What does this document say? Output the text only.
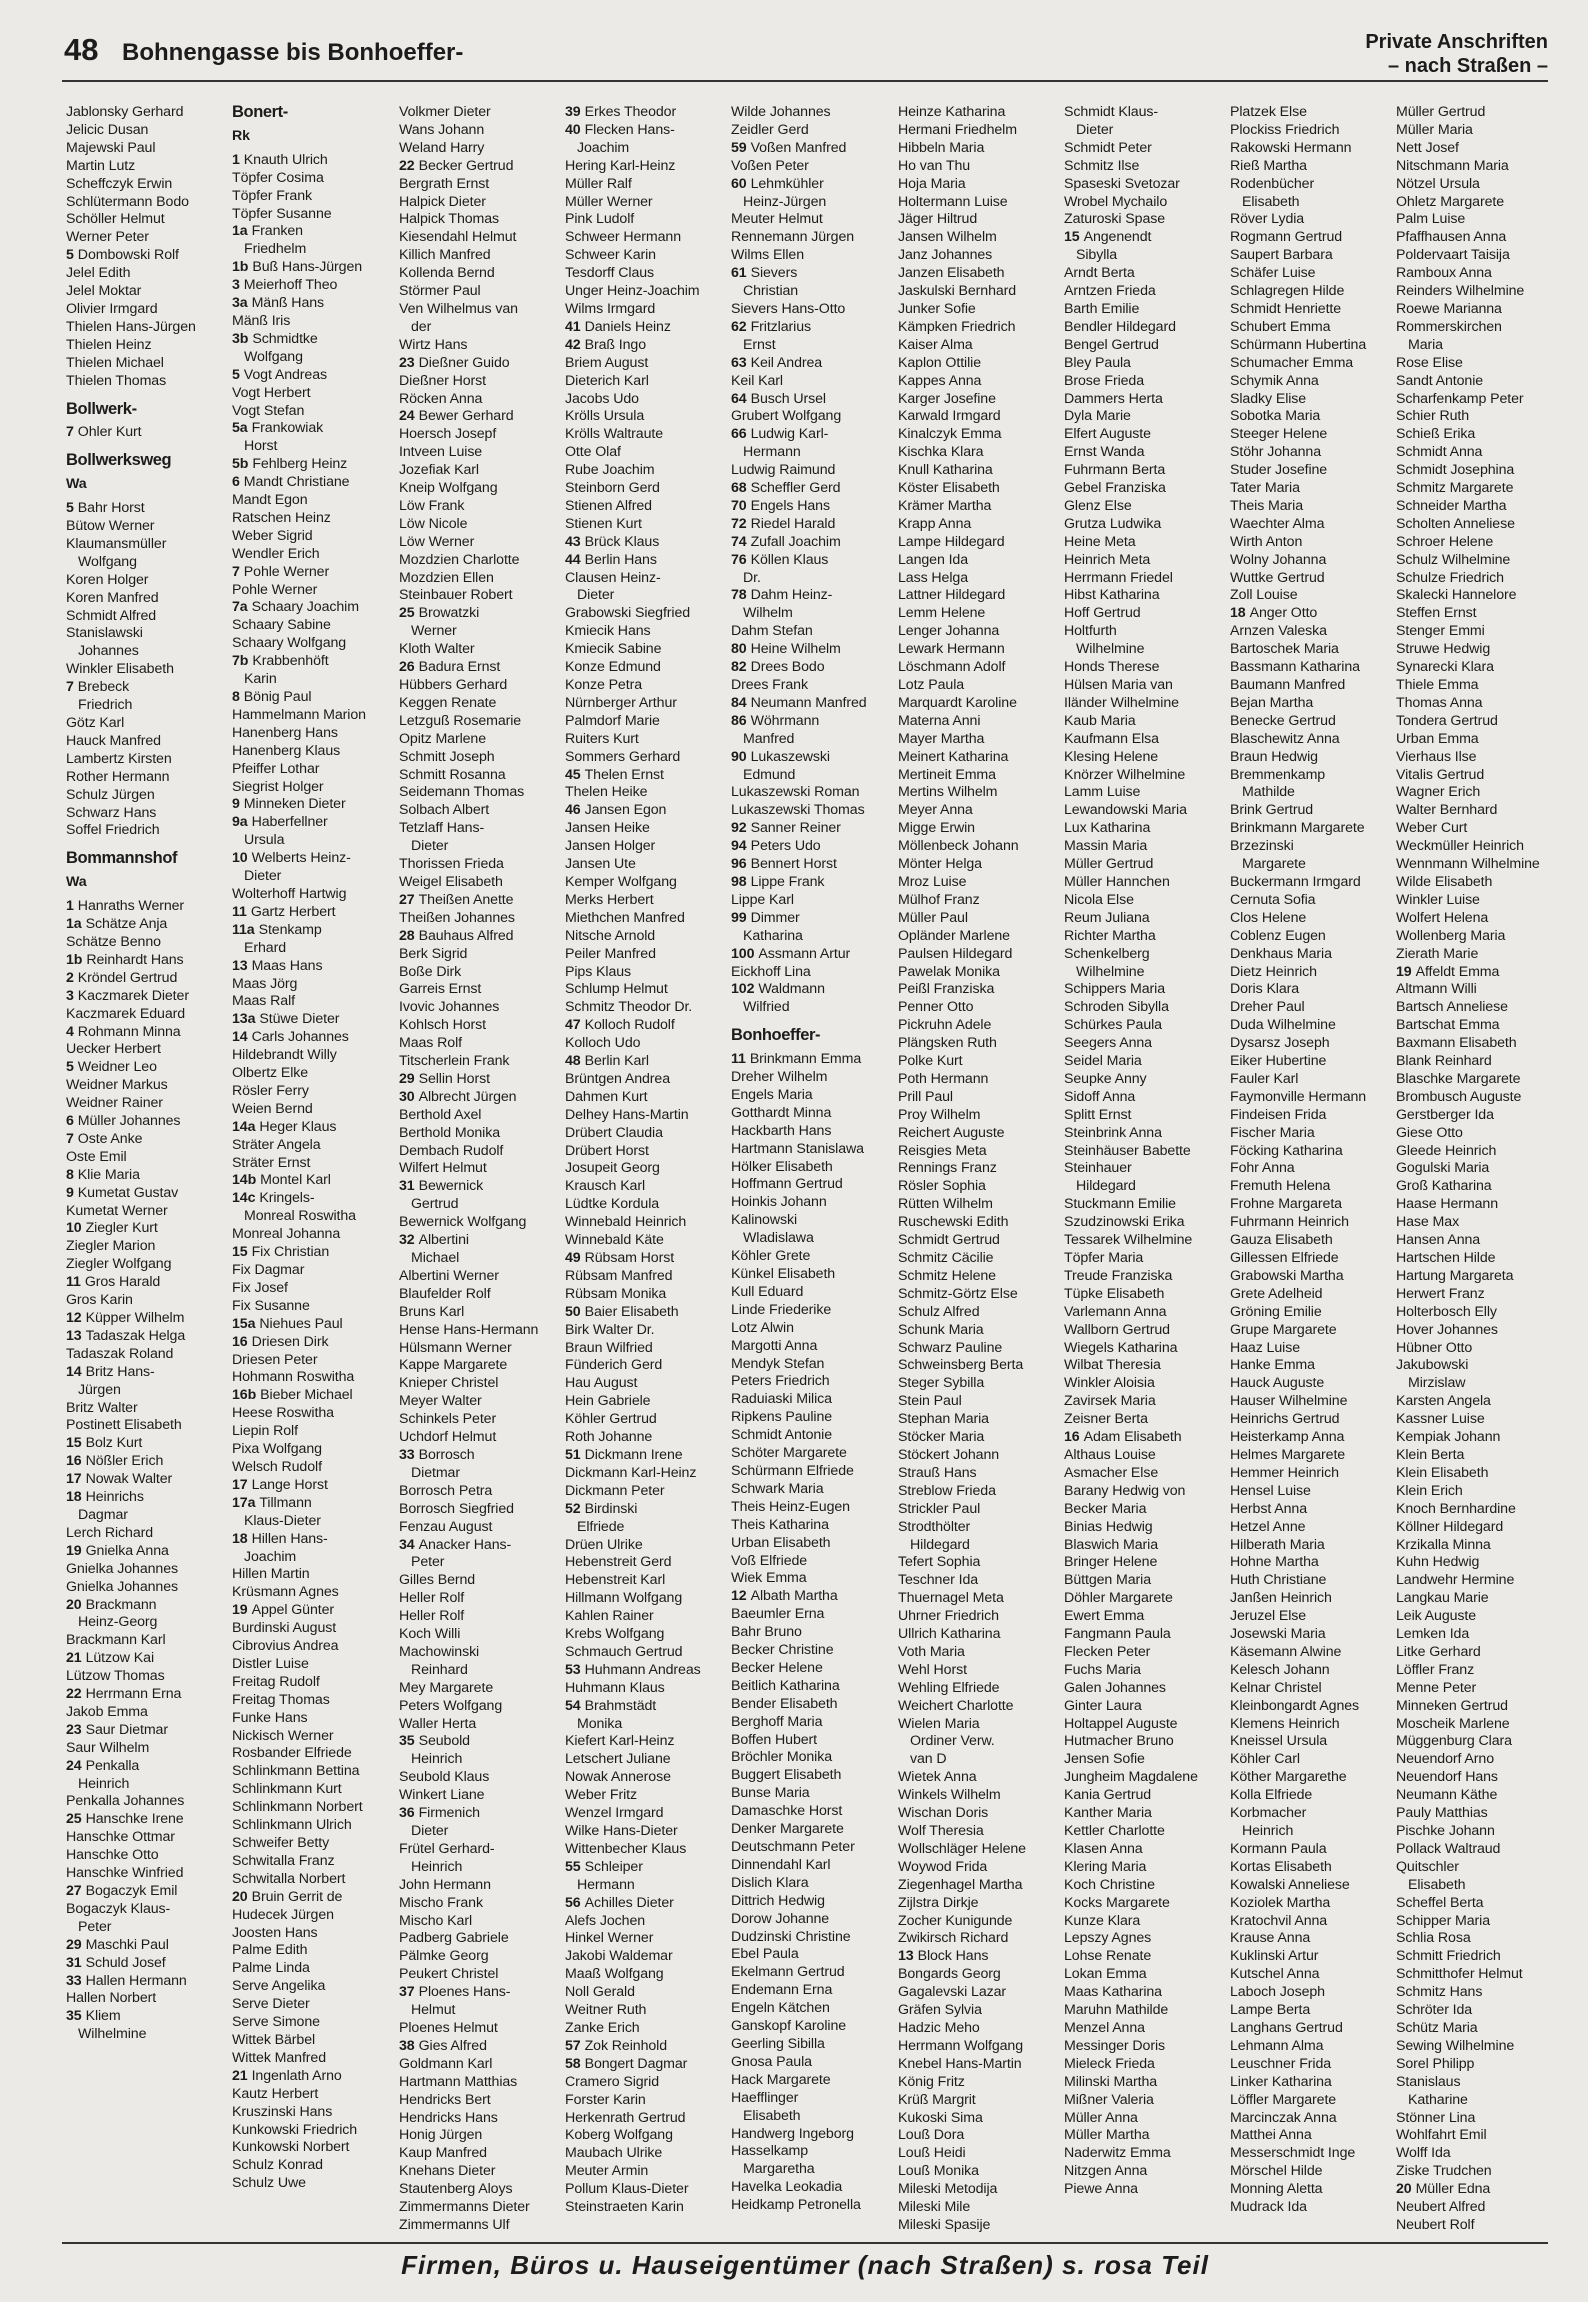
48 Bohnengasse bis Bonhoeffer-	Private Anschriften
– nach Straßen –
Jablonsky Gerhard
Jelicic Dusan
Majewski Paul
Martin Lutz
Scheffczyk Erwin
Schlütermann Bodo
Schöller Helmut
Werner Peter
5 Dombowski Rolf
Jelel Edith
Jelel Moktar
Olivier Irmgard
Thielen Hans-Jürgen
Thielen Heinz
Thielen Michael
Thielen Thomas
Bollwerk-
7 Ohler Kurt
Bollwerksweg
Wa
5 Bahr Horst
Bütow Werner
Klaumansmüller
Wolfgang
Koren Holger
Koren Manfred
Schmidt Alfred
Stanislawski
Johannes
Winkler Elisabeth
7 Brebeck
Friedrich
Götz Karl
Hauck Manfred
Lambertz Kirsten
Rother Hermann
Schulz Jürgen
Schwarz Hans
Soffel Friedrich
Bommannshof
Wa
1 Hanraths Werner
1a Schätze Anja
Schätze Benno
1b Reinhardt Hans
2 Kröndel Gertrud
3 Kaczmarek Dieter
Kaczmarek Eduard
4 Rohmann Minna
Uecker Herbert
5 Weidner Leo
Weidner Markus
Weidner Rainer
6 Müller Johannes
7 Oste Anke
Oste Emil
8 Klie Maria
9 Kumetat Gustav
Kumetat Werner
10 Ziegler Kurt
Ziegler Marion
Ziegler Wolfgang
11 Gros Harald
Gros Karin
12 Küpper Wilhelm
13 Tadaszak Helga
Tadaszak Roland
14 Britz Hans-
Jürgen
Britz Walter
Postinett Elisabeth
15 Bolz Kurt
16 Nößler Erich
17 Nowak Walter
18 Heinrichs
Dagmar
Lerch Richard
19 Gnielka Anna
Gnielka Johannes
Gnielka Johannes
20 Brackmann
Heinz-Georg
Brackmann Karl
21 Lützow Kai
Lützow Thomas
22 Herrmann Erna
Jakob Emma
23 Saur Dietmar
Saur Wilhelm
24 Penkalla
Heinrich
Penkalla Johannes
25 Hanschke Irene
Hanschke Ottmar
Hanschke Otto
Hanschke Winfried
27 Bogaczyk Emil
Bogaczyk Klaus-
Peter
29 Maschki Paul
31 Schuld Josef
33 Hallen Hermann
Hallen Norbert
35 Kliem
Wilhelmine
Bonert-
Rk
1 Knauth Ulrich
Töpfer Cosima
Töpfer Frank
Töpfer Susanne
1a Franken
Friedhelm
1b Buß Hans-Jürgen
3 Meierhoff Theo
3a Mänß Hans
Mänß Iris
3b Schmidtke
Wolfgang
5 Vogt Andreas
Vogt Herbert
Vogt Stefan
5a Frankowiak
Horst
5b Fehlberg Heinz
6 Mandt Christiane
Mandt Egon
Ratschen Heinz
Weber Sigrid
Wendler Erich
7 Pohle Werner
Pohle Werner
7a Schaary Joachim
Schaary Sabine
Schaary Wolfgang
7b Krabbenhöft
Karin
8 Bönig Paul
Hammelmann Marion
Hanenberg Hans
Hanenberg Klaus
Pfeiffer Lothar
Siegrist Holger
9 Minneken Dieter
9a Haberfellner
Ursula
10 Welberts Heinz-
Dieter
Wolterhoff Hartwig
11 Gartz Herbert
11a Stenkamp
Erhard
13 Maas Hans
Maas Jörg
Maas Ralf
13a Stüwe Dieter
14 Carls Johannes
Hildebrandt Willy
Olbertz Elke
Rösler Ferry
Weien Bernd
14a Heger Klaus
Sträter Angela
Sträter Ernst
14b Montel Karl
14c Kringels-
Monreal Roswitha
Monreal Johanna
15 Fix Christian
Fix Dagmar
Fix Josef
Fix Susanne
15a Niehues Paul
16 Driesen Dirk
Driesen Peter
Hohmann Roswitha
16b Bieber Michael
Heese Roswitha
Liepin Rolf
Pixa Wolfgang
Welsch Rudolf
17 Lange Horst
17a Tillmann
Klaus-Dieter
18 Hillen Hans-
Joachim
Hillen Martin
Krüsmann Agnes
19 Appel Günter
Burdinski August
Cibrovius Andrea
Distler Luise
Freitag Rudolf
Freitag Thomas
Funke Hans
Nickisch Werner
Rosbander Elfriede
Schlinkmann Bettina
Schlinkmann Kurt
Schlinkmann Norbert
Schlinkmann Ulrich
Schweifer Betty
Schwitalla Franz
Schwitalla Norbert
20 Bruin Gerrit de
Hudecek Jürgen
Joosten Hans
Palme Edith
Palme Linda
Serve Angelika
Serve Dieter
Serve Simone
Wittek Bärbel
Wittek Manfred
21 Ingenlath Arno
Kautz Herbert
Kruszinski Hans
Kunkowski Friedrich
Kunkowski Norbert
Schulz Konrad
Schulz Uwe
Volkmer Dieter
Wans Johann
Weland Harry
22 Becker Gertrud
Bergrath Ernst
Halpick Dieter
Halpick Thomas
Kiesendahl Helmut
Killich Manfred
Kollenda Bernd
Störmer Paul
Ven Wilhelmus van
der
Wirtz Hans
23 Dießner Guido
Dießner Horst
Röcken Anna
24 Bewer Gerhard
Hoersch Josepf
Intveen Luise
Jozefiak Karl
Kneip Wolfgang
Löw Frank
Löw Nicole
Löw Werner
Mozdzien Charlotte
Mozdzien Ellen
Steinbauer Robert
25 Browatzki
Werner
Kloth Walter
26 Badura Ernst
Hübbers Gerhard
Keggen Renate
Letzguß Rosemarie
Opitz Marlene
Schmitt Joseph
Schmitt Rosanna
Seidemann Thomas
Solbach Albert
Tetzlaff Hans-
Dieter
Thorissen Frieda
Weigel Elisabeth
27 Theißen Anette
Theißen Johannes
28 Bauhaus Alfred
Berk Sigrid
Boße Dirk
Garreis Ernst
Ivovic Johannes
Kohlsch Horst
Maas Rolf
Titscherlein Frank
29 Sellin Horst
30 Albrecht Jürgen
Berthold Axel
Berthold Monika
Dembach Rudolf
Wilfert Helmut
31 Bewernick
Gertrud
Bewernick Wolfgang
32 Albertini
Michael
Albertini Werner
Blaufelder Rolf
Bruns Karl
Hense Hans-Hermann
Hülsmann Werner
Kappe Margarete
Knieper Christel
Meyer Walter
Schinkels Peter
Uchdorf Helmut
33 Borrosch
Dietmar
Borrosch Petra
Borrosch Siegfried
Fenzau August
34 Anacker Hans-
Peter
Gilles Bernd
Heller Rolf
Heller Rolf
Koch Willi
Machowinski
Reinhard
Mey Margarete
Peters Wolfgang
Waller Herta
35 Seubold
Heinrich
Seubold Klaus
Winkert Liane
36 Firmenich
Dieter
Frütel Gerhard-
Heinrich
John Hermann
Mischo Frank
Mischo Karl
Padberg Gabriele
Pälmke Georg
Peukert Christel
37 Ploenes Hans-
Helmut
Ploenes Helmut
38 Gies Alfred
Goldmann Karl
Hartmann Matthias
Hendricks Bert
Hendricks Hans
Honig Jürgen
Kaup Manfred
Knehans Dieter
Stautenberg Aloys
Zimmermanns Dieter
Zimmermanns Ulf
39 Erkes Theodor
40 Flecken Hans-
Joachim
Hering Karl-Heinz
Müller Ralf
Müller Werner
Pink Ludolf
Schweer Hermann
Schweer Karin
Tesdorff Claus
Unger Heinz-Joachim
Wilms Irmgard
41 Daniels Heinz
42 Braß Ingo
Briem August
Dieterich Karl
Jacobs Udo
Krölls Ursula
Krölls Waltraute
Otte Olaf
Rube Joachim
Steinborn Gerd
Stienen Alfred
Stienen Kurt
43 Brück Klaus
44 Berlin Hans
Clausen Heinz-
Dieter
Grabowski Siegfried
Kmiecik Hans
Kmiecik Sabine
Konze Edmund
Konze Petra
Nürnberger Arthur
Palmdorf Marie
Ruiters Kurt
Sommers Gerhard
45 Thelen Ernst
Thelen Heike
46 Jansen Egon
Jansen Heike
Jansen Holger
Jansen Ute
Kemper Wolfgang
Merks Herbert
Miethchen Manfred
Nitsche Arnold
Peiler Manfred
Pips Klaus
Schlump Helmut
Schmitz Theodor Dr.
47 Kolloch Rudolf
Kolloch Udo
48 Berlin Karl
Brüntgen Andrea
Dahmen Kurt
Delhey Hans-Martin
Drübert Claudia
Drübert Horst
Josupeit Georg
Krausch Karl
Lüdtke Kordula
Winnebald Heinrich
Winnebald Käte
49 Rübsam Horst
Rübsam Manfred
Rübsam Monika
50 Baier Elisabeth
Birk Walter Dr.
Braun Wilfried
Fünderich Gerd
Hau August
Hein Gabriele
Köhler Gertrud
Roth Johanne
51 Dickmann Irene
Dickmann Karl-Heinz
Dickmann Peter
52 Birdinski
Elfriede
Drüen Ulrike
Hebenstreit Gerd
Hebenstreit Karl
Hillmann Wolfgang
Kahlen Rainer
Krebs Wolfgang
Schmauch Gertrud
53 Huhmann Andreas
Huhmann Klaus
54 Brahmstädt
Monika
Kiefert Karl-Heinz
Letschert Juliane
Nowak Annerose
Weber Fritz
Wenzel Irmgard
Wilke Hans-Dieter
Wittenbecher Klaus
55 Schleiper
Hermann
56 Achilles Dieter
Alefs Jochen
Hinkel Werner
Jakobi Waldemar
Maaß Wolfgang
Noll Gerald
Weitner Ruth
Zanke Erich
57 Zok Reinhold
58 Bongert Dagmar
Cramero Sigrid
Forster Karin
Herkenrath Gertrud
Koberg Wolfgang
Maubach Ulrike
Meuter Armin
Pollum Klaus-Dieter
Steinstraeten Karin
Wilde Johannes
Zeidler Gerd
59 Voßen Manfred
Voßen Peter
60 Lehmkühler
Heinz-Jürgen
Meuter Helmut
Rennemann Jürgen
Wilms Ellen
61 Sievers
Christian
Sievers Hans-Otto
62 Fritzlarius
Ernst
63 Keil Andrea
Keil Karl
64 Busch Ursel
Grubert Wolfgang
66 Ludwig Karl-
Hermann
Ludwig Raimund
68 Scheffler Gerd
70 Engels Hans
72 Riedel Harald
74 Zufall Joachim
76 Köllen Klaus
Dr.
78 Dahm Heinz-
Wilhelm
Dahm Stefan
80 Heine Wilhelm
82 Drees Bodo
Drees Frank
84 Neumann Manfred
86 Wöhrmann
Manfred
90 Lukaszewski
Edmund
Lukaszewski Roman
Lukaszewski Thomas
92 Sanner Reiner
94 Peters Udo
96 Bennert Horst
98 Lippe Frank
Lippe Karl
99 Dimmer
Katharina
100 Assmann Artur
Eickhoff Lina
102 Waldmann
Wilfried
Bonhoeffer-
11 Brinkmann Emma
Dreher Wilhelm
Engels Maria
Gotthardt Minna
Hackbarth Hans
Hartmann Stanislawa
Hölker Elisabeth
Hoffmann Gertrud
Hoinkis Johann
Kalinowski
Wladislawa
Köhler Grete
Künkel Elisabeth
Kull Eduard
Linde Friederike
Lotz Alwin
Margotti Anna
Mendyk Stefan
Peters Friedrich
Raduiaski Milica
Ripkens Pauline
Schmidt Antonie
Schöter Margarete
Schürmann Elfriede
Schwark Maria
Theis Heinz-Eugen
Theis Katharina
Urban Elisabeth
Voß Elfriede
Wiek Emma
12 Albath Martha
Baeumler Erna
Bahr Bruno
Becker Christine
Becker Helene
Beitlich Katharina
Bender Elisabeth
Berghoff Maria
Boffen Hubert
Bröchler Monika
Buggert Elisabeth
Bunse Maria
Damaschke Horst
Denker Margarete
Deutschmann Peter
Dinnendahl Karl
Dislich Klara
Dittrich Hedwig
Dorow Johanne
Dudzinski Christine
Ebel Paula
Ekelmann Gertrud
Endemann Erna
Engeln Kätchen
Ganskopf Karoline
Geerling Sibilla
Gnosa Paula
Hack Margarete
Haefflinger
Elisabeth
Handwerg Ingeborg
Hasselkamp
Margaretha
Havelka Leokadia
Heidkamp Petronella
Heinze Katharina
Hermani Friedhelm
Hibbeln Maria
Ho van Thu
Hoja Maria
Holtermann Luise
Jäger Hiltrud
Jansen Wilhelm
Janz Johannes
Janzen Elisabeth
Jaskulski Bernhard
Junker Sofie
Kämpken Friedrich
Kaiser Alma
Kaplon Ottilie
Kappes Anna
Karger Josefine
Karwald Irmgard
Kinalczyk Emma
Kischka Klara
Knull Katharina
Köster Elisabeth
Krämer Martha
Krapp Anna
Lampe Hildegard
Langen Ida
Lass Helga
Lattner Hildegard
Lemm Helene
Lenger Johanna
Lewark Hermann
Löschmann Adolf
Lotz Paula
Marquardt Karoline
Materna Anni
Mayer Martha
Meinert Katharina
Mertineit Emma
Mertins Wilhelm
Meyer Anna
Migge Erwin
Möllenbeck Johann
Mönter Helga
Mroz Luise
Mülhof Franz
Müller Paul
Opländer Marlene
Paulsen Hildegard
Pawelak Monika
Peißl Franziska
Penner Otto
Pickruhn Adele
Plängsken Ruth
Polke Kurt
Poth Hermann
Prill Paul
Proy Wilhelm
Reichert Auguste
Reisgies Meta
Rennings Franz
Rösler Sophia
Rütten Wilhelm
Ruschewski Edith
Schmidt Gertrud
Schmitz Cäcilie
Schmitz Helene
Schmitz-Görtz Else
Schulz Alfred
Schunk Maria
Schwarz Pauline
Schweinsberg Berta
Steger Sybilla
Stein Paul
Stephan Maria
Stöcker Maria
Stöckert Johann
Strauß Hans
Streblow Frieda
Strickler Paul
Strodthölter
Hildegard
Tefert Sophia
Teschner Ida
Thuernagel Meta
Uhrner Friedrich
Ullrich Katharina
Voth Maria
Wehl Horst
Wehling Elfriede
Weichert Charlotte
Wielen Maria
Ordiner Verw.
van D
Wietek Anna
Winkels Wilhelm
Wischan Doris
Wolf Theresia
Wollschläger Helene
Woywod Frida
Ziegenhagel Martha
Zijlstra Dirkje
Zocher Kunigunde
Zwikirsch Richard
13 Block Hans
Bongards Georg
Gagalevski Lazar
Gräfen Sylvia
Hadzic Meho
Herrmann Wolfgang
Knebel Hans-Martin
König Fritz
Krüß Margrit
Kukoski Sima
Louß Dora
Louß Heidi
Louß Monika
Mileski Metodija
Mileski Mile
Mileski Spasije
Schmidt Klaus-
Dieter
Schmidt Peter
Schmitz Ilse
Spaseski Svetozar
Wrobel Mychailo
Zaturoski Spase
15 Angenendt
Sibylla
Arndt Berta
Arntzen Frieda
Barth Emilie
Bendler Hildegard
Bengel Gertrud
Bley Paula
Brose Frieda
Dammers Herta
Dyla Marie
Elfert Auguste
Ernst Wanda
Fuhrmann Berta
Gebel Franziska
Glenz Else
Grutza Ludwika
Heine Meta
Heinrich Meta
Herrmann Friedel
Hibst Katharina
Hoff Gertrud
Holtfurth
Wilhelmine
Honds Therese
Hülsen Maria van
Iländer Wilhelmine
Kaub Maria
Kaufmann Elsa
Klesing Helene
Knörzer Wilhelmine
Lamm Luise
Lewandowski Maria
Lux Katharina
Massin Maria
Müller Gertrud
Müller Hannchen
Nicola Else
Reum Juliana
Richter Martha
Schenkelberg
Wilhelmine
Schippers Maria
Schroden Sibylla
Schürkes Paula
Seegers Anna
Seidel Maria
Seupke Anny
Sidoff Anna
Splitt Ernst
Steinbrink Anna
Steinhäuser Babette
Steinhauer
Hildegard
Stuckmann Emilie
Szudzinowski Erika
Tessarek Wilhelmine
Töpfer Maria
Treude Franziska
Tüpke Elisabeth
Varlemann Anna
Wallborn Gertrud
Wiegels Katharina
Wilbat Theresia
Winkler Aloisia
Zavirsek Maria
Zeisner Berta
16 Adam Elisabeth
Althaus Louise
Asmacher Else
Barany Hedwig von
Becker Maria
Binias Hedwig
Blaswich Maria
Bringer Helene
Büttgen Maria
Döhler Margarete
Ewert Emma
Fangmann Paula
Flecken Peter
Fuchs Maria
Galen Johannes
Ginter Laura
Holtappel Auguste
Hutmacher Bruno
Jensen Sofie
Jungheim Magdalene
Kania Gertrud
Kanther Maria
Kettler Charlotte
Klasen Anna
Klering Maria
Koch Christine
Kocks Margarete
Kunze Klara
Lepszy Agnes
Lohse Renate
Lokan Emma
Maas Katharina
Maruhn Mathilde
Menzel Anna
Messinger Doris
Mieleck Frieda
Milinski Martha
Mißner Valeria
Müller Anna
Müller Martha
Naderwitz Emma
Nitzgen Anna
Piewe Anna
Platzek Else
Plockiss Friedrich
Rakowski Hermann
Rieß Martha
Rodenbücher
Elisabeth
Röver Lydia
Rogmann Gertrud
Saupert Barbara
Schäfer Luise
Schlagregen Hilde
Schmidt Henriette
Schubert Emma
Schürmann Hubertina
Schumacher Emma
Schymik Anna
Sladky Elise
Sobotka Maria
Steeger Helene
Stöhr Johanna
Studer Josefine
Tater Maria
Theis Maria
Waechter Alma
Wirth Anton
Wolny Johanna
Wuttke Gertrud
Zoll Louise
18 Anger Otto
Arnzen Valeska
Bartoschek Maria
Bassmann Katharina
Baumann Manfred
Bejan Martha
Benecke Gertrud
Blaschewitz Anna
Braun Hedwig
Bremmenkamp
Mathilde
Brink Gertrud
Brinkmann Margarete
Brzezinski
Margarete
Buckermann Irmgard
Cernuta Sofia
Clos Helene
Coblenz Eugen
Denkhaus Maria
Dietz Heinrich
Doris Klara
Dreher Paul
Duda Wilhelmine
Dysarsz Joseph
Eiker Hubertine
Fauler Karl
Faymonville Hermann
Findeisen Frida
Fischer Maria
Föcking Katharina
Fohr Anna
Fremuth Helena
Frohne Margareta
Fuhrmann Heinrich
Gauza Elisabeth
Gillessen Elfriede
Grabowski Martha
Grete Adelheid
Gröning Emilie
Grupe Margarete
Haaz Luise
Hanke Emma
Hauck Auguste
Hauser Wilhelmine
Heinrichs Gertrud
Heisterkamp Anna
Helmes Margarete
Hemmer Heinrich
Hensel Luise
Herbst Anna
Hetzel Anne
Hilberath Maria
Hohne Martha
Huth Christiane
Janßen Heinrich
Jeruzel Else
Josewski Maria
Käsemann Alwine
Kelesch Johann
Kelnar Christel
Kleinbongardt Agnes
Klemens Heinrich
Kneissel Ursula
Köhler Carl
Köther Margarethe
Kolla Elfriede
Korbmacher
Heinrich
Kormann Paula
Kortas Elisabeth
Kowalski Anneliese
Koziolek Martha
Kratochvil Anna
Krause Anna
Kuklinski Artur
Kutschel Anna
Laboch Joseph
Lampe Berta
Langhans Gertrud
Lehmann Alma
Leuschner Frida
Linker Katharina
Löffler Margarete
Marcinczak Anna
Matthei Anna
Messerschmidt Inge
Mörschel Hilde
Monning Aletta
Mudrack Ida
Müller Gertrud
Müller Maria
Nett Josef
Nitschmann Maria
Nötzel Ursula
Ohletz Margarete
Palm Luise
Pfaffhausen Anna
Poldervaart Taisija
Ramboux Anna
Reinders Wilhelmine
Roewe Marianna
Rommerskirchen
Maria
Rose Elise
Sandt Antonie
Scharfenkamp Peter
Schier Ruth
Schieß Erika
Schmidt Anna
Schmidt Josephina
Schmitz Margarete
Schneider Martha
Scholten Anneliese
Schroer Helene
Schulz Wilhelmine
Schulze Friedrich
Skalecki Hannelore
Steffen Ernst
Stenger Emmi
Struwe Hedwig
Synarecki Klara
Thiele Emma
Thomas Anna
Tondera Gertrud
Urban Emma
Vierhaus Ilse
Vitalis Gertrud
Wagner Erich
Walter Bernhard
Weber Curt
Weckmüller Heinrich
Wennmann Wilhelmine
Wilde Elisabeth
Winkler Luise
Wolfert Helena
Wollenberg Maria
Zierath Marie
19 Affeldt Emma
Altmann Willi
Bartsch Anneliese
Bartschat Emma
Baxmann Elisabeth
Blank Reinhard
Blaschke Margarete
Brombusch Auguste
Gerstberger Ida
Giese Otto
Gleede Heinrich
Gogulski Maria
Groß Katharina
Haase Hermann
Hase Max
Hansen Anna
Hartschen Hilde
Hartung Margareta
Herwert Franz
Holterbosch Elly
Hover Johannes
Hübner Otto
Jakubowski
Mirzislaw
Karsten Angela
Kassner Luise
Kempiak Johann
Klein Berta
Klein Elisabeth
Klein Erich
Knoch Bernhardine
Köllner Hildegard
Krzikalla Minna
Kuhn Hedwig
Landwehr Hermine
Langkau Marie
Leik Auguste
Lemken Ida
Litke Gerhard
Löffler Franz
Menne Peter
Minneken Gertrud
Moscheik Marlene
Müggenburg Clara
Neuendorf Arno
Neuendorf Hans
Neumann Käthe
Pauly Matthias
Pischke Johann
Pollack Waltraud
Quitschler
Elisabeth
Scheffel Berta
Schipper Maria
Schlia Rosa
Schmitt Friedrich
Schmitthofer Helmut
Schmitz Hans
Schröter Ida
Schütz Maria
Sewing Wilhelmine
Sorel Philipp
Stanislaus
Katharine
Stönner Lina
Wohlfahrt Emil
Wolff Ida
Ziske Trudchen
20 Müller Edna
Neubert Alfred
Neubert Rolf
Firmen, Büros u. Hauseigentümer (nach Straßen) s. rosa Teil
